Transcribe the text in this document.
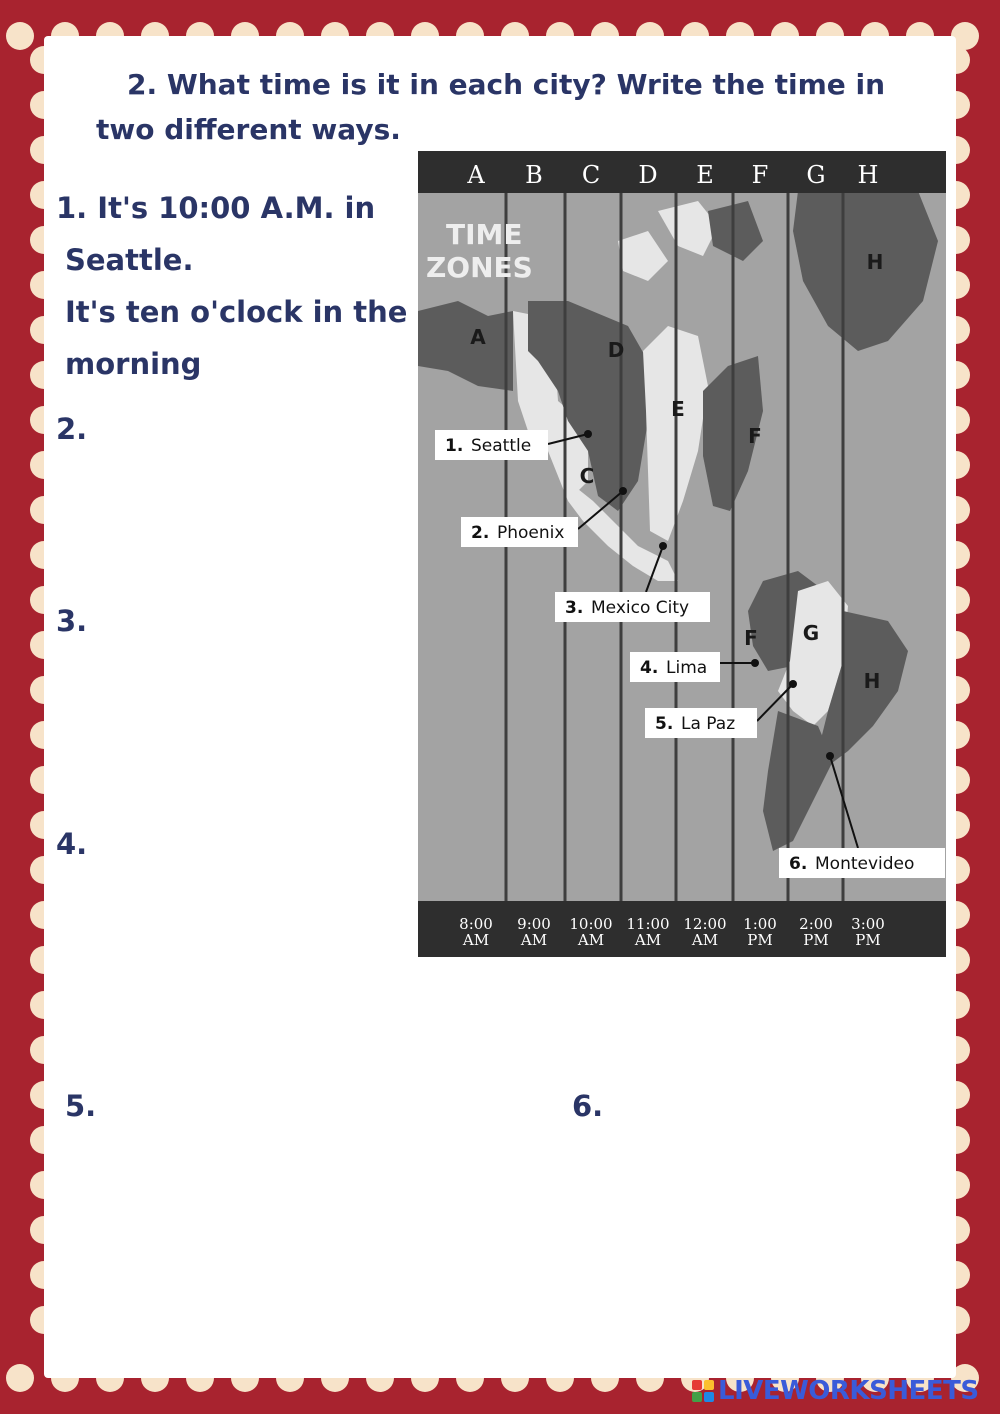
2. What time is it in each city? Write the time in two different ways.
1. It's 10:00 A.M. in
Seattle.
It's ten o'clock in the
morning
2.
3.
4.
5.	6.
A B C D E F G H
8:00
AM
9:00
AM
10:00
AM
11:00
AM
12:00
AM
1:00
PM
2:00
PM
3:00
PM
TIME
ZONES
A
D
E
F
C
H
F G
H
1. Seattle
2. Phoenix
3. Mexico City
4. Lima
5. La Paz
6. Montevideo
LIVEWORKSHEETS
